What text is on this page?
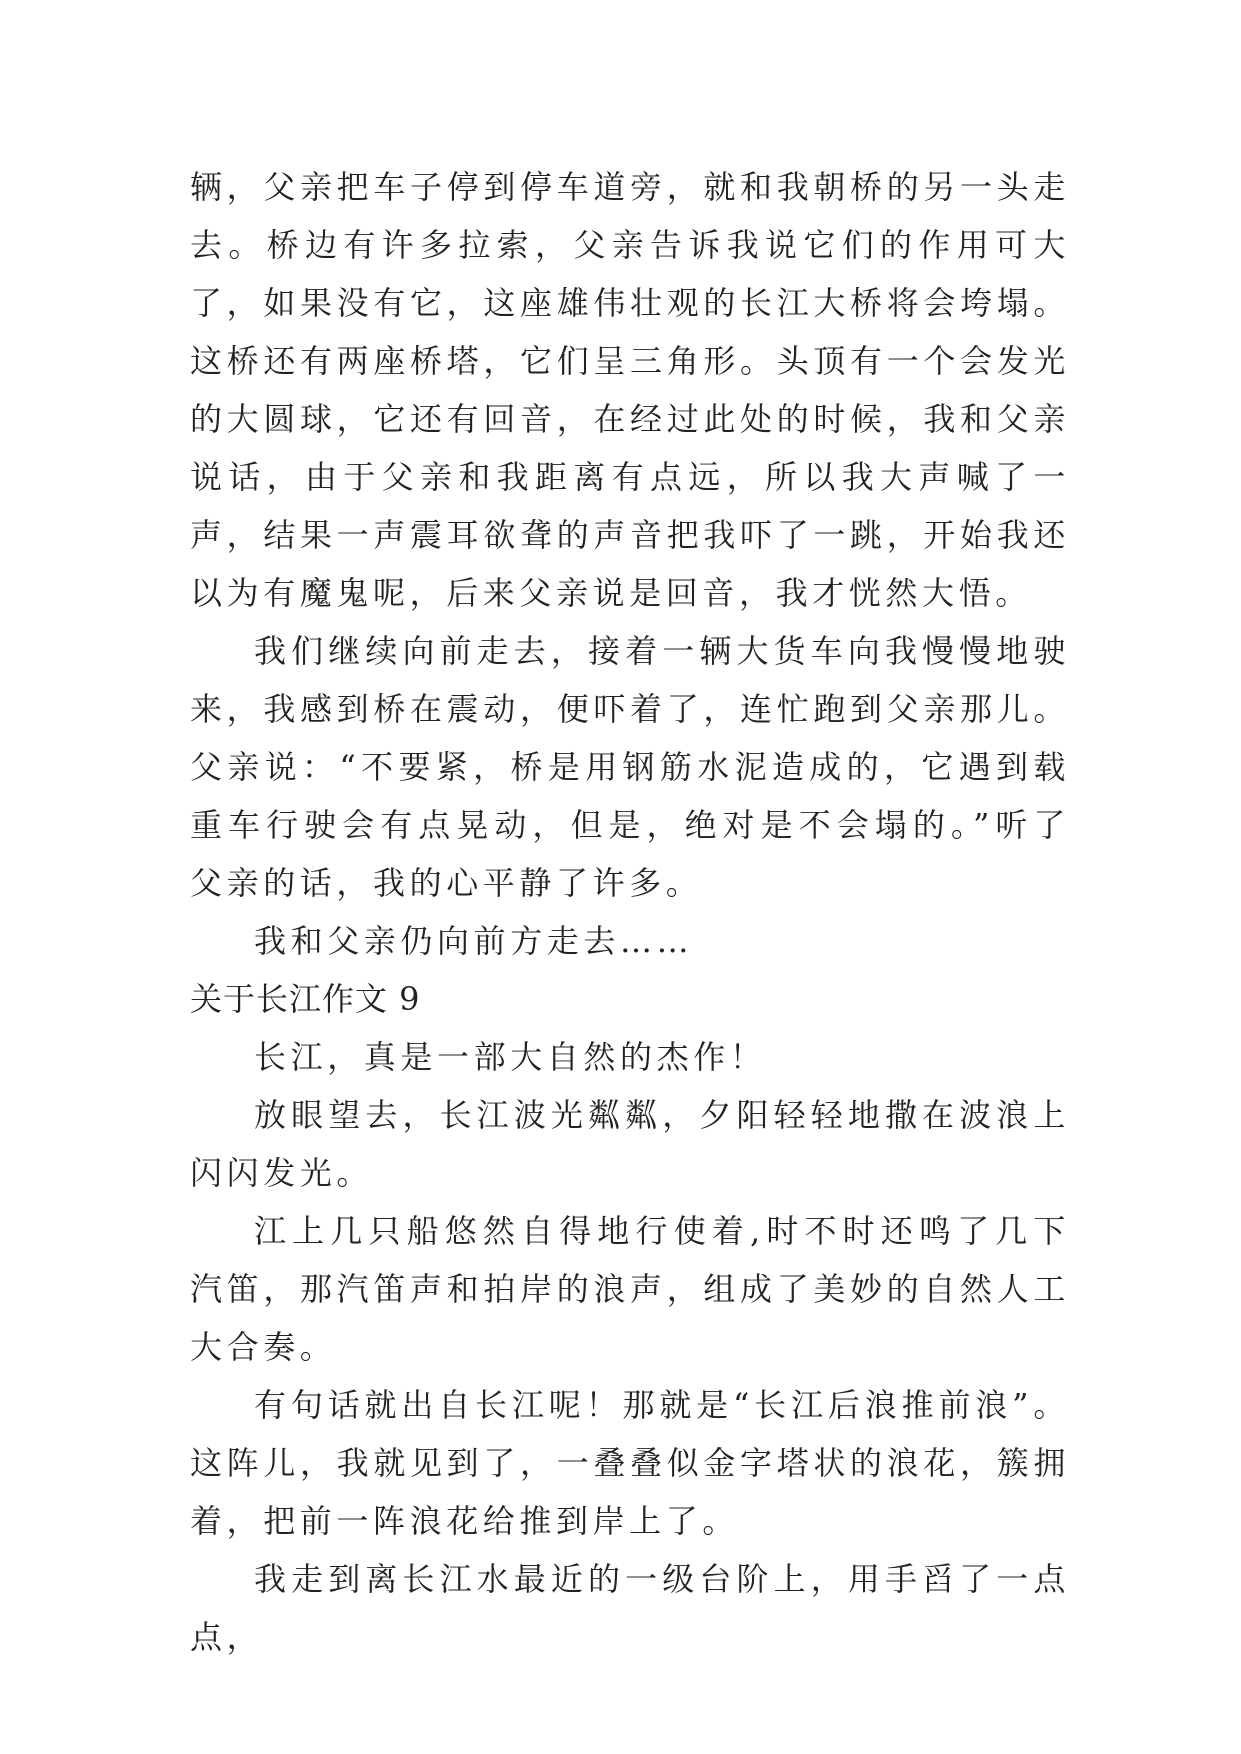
辆，父亲把车子停到停车道旁，就和我朝桥的另一头走去。桥边有许多拉索，父亲告诉我说它们的作用可大了，如果没有它，这座雄伟壮观的长江大桥将会垮塌。这桥还有两座桥塔，它们呈三角形。头顶有一个会发光的大圆球，它还有回音，在经过此处的时候，我和父亲说话，由于父亲和我距离有点远，所以我大声喊了一声，结果一声震耳欲聋的声音把我吓了一跳，开始我还以为有魔鬼呢，后来父亲说是回音，我才恍然大悟。

我们继续向前走去，接着一辆大货车向我慢慢地驶来，我感到桥在震动，便吓着了，连忙跑到父亲那儿。父亲说：“不要紧，桥是用钢筋水泥造成的，它遇到载重车行驶会有点晃动，但是，绝对是不会塌的。”听了父亲的话，我的心平静了许多。

我和父亲仍向前方走去……

关于长江作文 9

长江，真是一部大自然的杰作！

放眼望去，长江波光粼粼，夕阳轻轻地撒在波浪上闪闪发光。

江上几只船悠然自得地行使着,时不时还鸣了几下汽笛，那汽笛声和拍岸的浪声，组成了美妙的自然人工大合奏。

有句话就出自长江呢！那就是“长江后浪推前浪”。这阵儿，我就见到了，一叠叠似金字塔状的浪花，簇拥着，把前一阵浪花给推到岸上了。

我走到离长江水最近的一级台阶上，用手舀了一点点，
